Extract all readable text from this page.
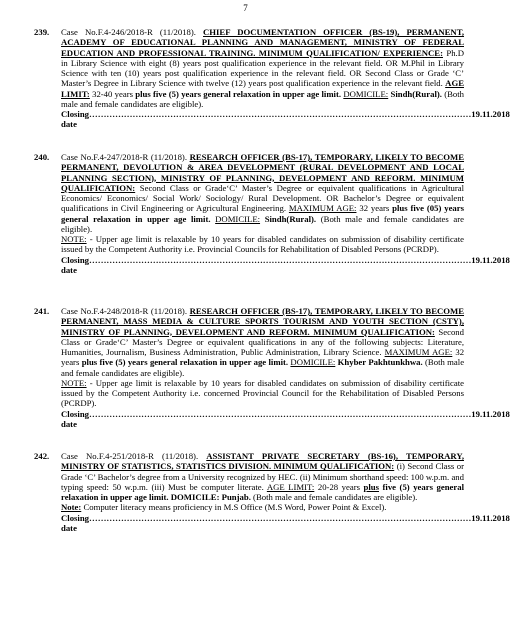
7
239.	Case No.F.4-246/2018-R (11/2018). CHIEF DOCUMENTATION OFFICER (BS-19), PERMANENT, ACADEMY OF EDUCATIONAL PLANNING AND MANAGEMENT, MINISTRY OF FEDERAL EDUCATION AND PROFESSIONAL TRAINING. MINIMUM QUALIFICATION/ EXPERIENCE: Ph.D in Library Science with eight (8) years post qualification experience in the relevant field. OR M.Phil in Library Science with ten (10) years post qualification experience in the relevant field. OR Second Class or Grade ‘C’ Master’s Degree in Library Science with twelve (12) years post qualification experience in the relevant field. AGE LIMIT: 32-40 years plus five (5) years general relaxation in upper age limit. DOMICILE: Sindh(Rural). (Both male and female candidates are eligible).
Closing date
…………………………………………………………………………………………………………………… 19.11.2018
240.	Case No.F.4-247/2018-R (11/2018). RESEARCH OFFICER (BS-17), TEMPORARY, LIKELY TO BECOME PERMANENT, DEVOLUTION & AREA DEVELOPMENT (RURAL DEVELOPMENT AND LOCAL PLANNING SECTION), MINISTRY OF PLANNING, DEVELOPMENT AND REFORM. MINIMUM QUALIFICATION: Second Class or Grade‘C’ Master’s Degree or equivalent qualifications in Agricultural Economics/ Economics/ Social Work/ Sociology/ Rural Development. OR Bachelor’s Degree or equivalent qualifications in Civil Engineering or Agricultural Engineering. MAXIMUM AGE: 32 years plus five (05) years general relaxation in upper age limit. DOMICILE: Sindh(Rural). (Both male and female candidates are eligible).
NOTE: - Upper age limit is relaxable by 10 years for disabled candidates on submission of disability certificate issued by the Competent Authority i.e. Provincial Councils for Rehabilitation of Disabled Persons (PCRDP).
Closing date
…………………………………………………………………………………………………………………… 19.11.2018
241.	Case No.F.4-248/2018-R (11/2018). RESEARCH OFFICER (BS-17), TEMPORARY, LIKELY TO BECOME PERMANENT, MASS MEDIA & CULTURE SPORTS TOURISM AND YOUTH SECTION (CSTY), MINISTRY OF PLANNING, DEVELOPMENT AND REFORM. MINIMUM QUALIFICATION: Second Class or Grade‘C’ Master’s Degree or equivalent qualifications in any of the following subjects: Literature, Humanities, Journalism, Business Administration, Public Administration, Library Science. MAXIMUM AGE: 32 years plus five (5) years general relaxation in upper age limit. DOMICILE: Khyber Pakhtunkhwa. (Both male and female candidates are eligible).
NOTE: - Upper age limit is relaxable by 10 years for disabled candidates on submission of disability certificate issued by the Competent Authority i.e. concerned Provincial Council for the Rehabilitation of Disabled Persons (PCRDP).
Closing date
…………………………………………………………………………………………………………………… 19.11.2018
242.	Case No.F.4-251/2018-R (11/2018). ASSISTANT PRIVATE SECRETARY (BS-16), TEMPORARY, MINISTRY OF STATISTICS, STATISTICS DIVISION. MINIMUM QUALIFICATION: (i) Second Class or Grade ‘C’ Bachelor’s degree from a University recognized by HEC. (ii) Minimum shorthand speed: 100 w.p.m. and typing speed: 50 w.p.m. (iii) Must be computer literate. AGE LIMIT: 20-28 years plus five (5) years general relaxation in upper age limit. DOMICILE: Punjab. (Both male and female candidates are eligible).
Note: Computer literacy means proficiency in M.S Office (M.S Word, Power Point & Excel).
Closing date
…………………………………………………………………………………………………………………… 19.11.2018
